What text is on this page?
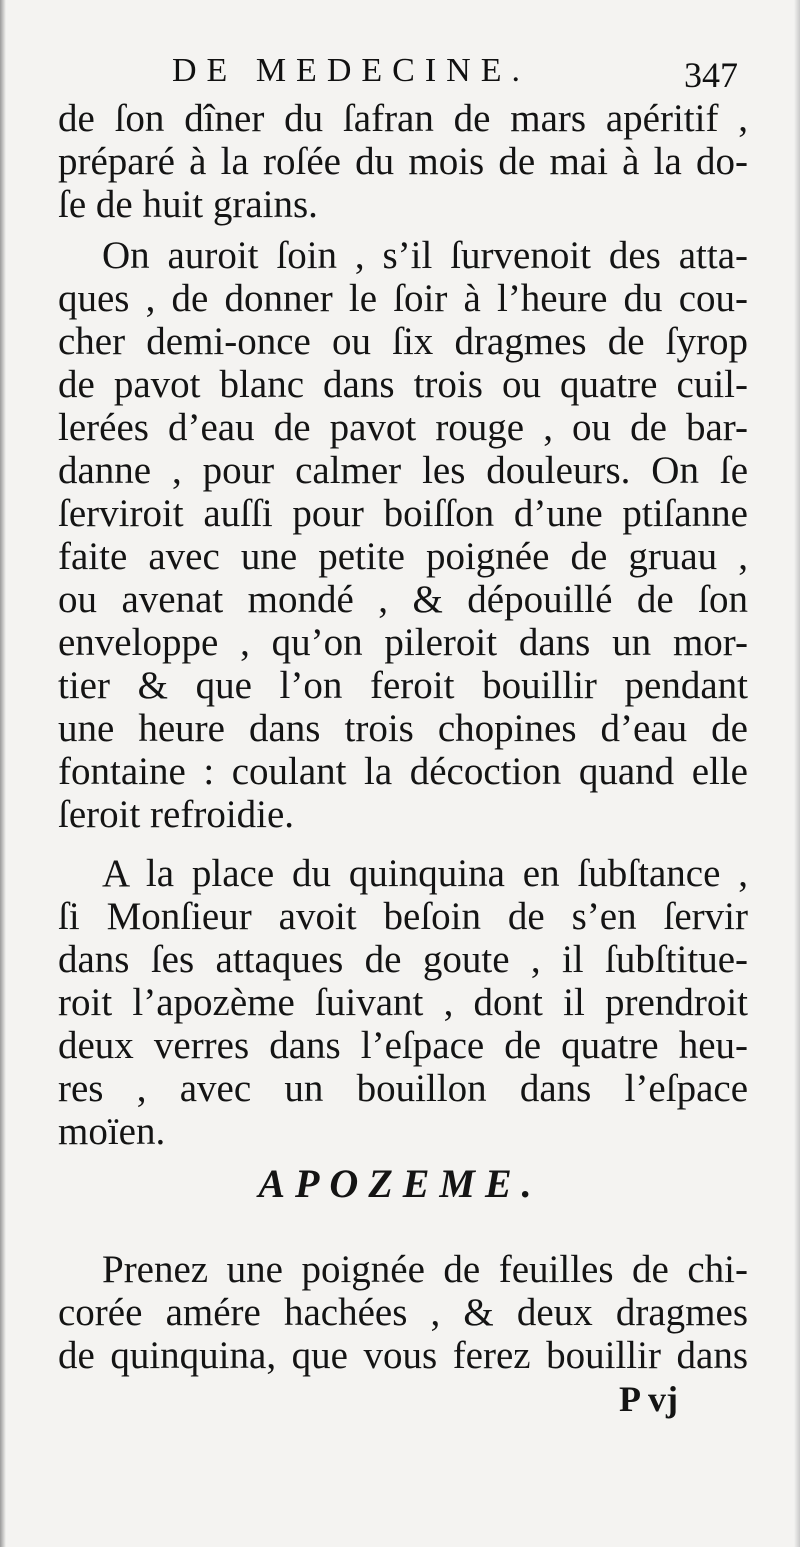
DE MEDECINE.	347
de ſon dîner du ſafran de mars apéritif ,
préparé à la roſée du mois de mai à la do-
ſe de huit grains.
On auroit ſoin , s’il ſurvenoit des atta-
ques , de donner le ſoir à l’heure du cou-
cher demi-once ou ſix dragmes de ſyrop
de pavot blanc dans trois ou quatre cuil-
lerées d’eau de pavot rouge , ou de bar-
danne , pour calmer les douleurs. On ſe
ſerviroit auſſi pour boiſſon d’une ptiſanne
faite avec une petite poignée de gruau ,
ou avenat mondé , & dépouillé de ſon
enveloppe , qu’on pileroit dans un mor-
tier & que l’on feroit bouillir pendant
une heure dans trois chopines d’eau de
fontaine : coulant la décoction quand elle
ſeroit refroidie.
A la place du quinquina en ſubſtance ,
ſi Monſieur avoit beſoin de s’en ſervir
dans ſes attaques de goute , il ſubſtitue-
roit l’apozème ſuivant , dont il prendroit
deux verres dans l’eſpace de quatre heu-
res , avec un bouillon dans l’eſpace
moïen.
APOZEME.
Prenez une poignée de feuilles de chi-
corée amére hachées , & deux dragmes
de quinquina, que vous ferez bouillir dans
P vj
